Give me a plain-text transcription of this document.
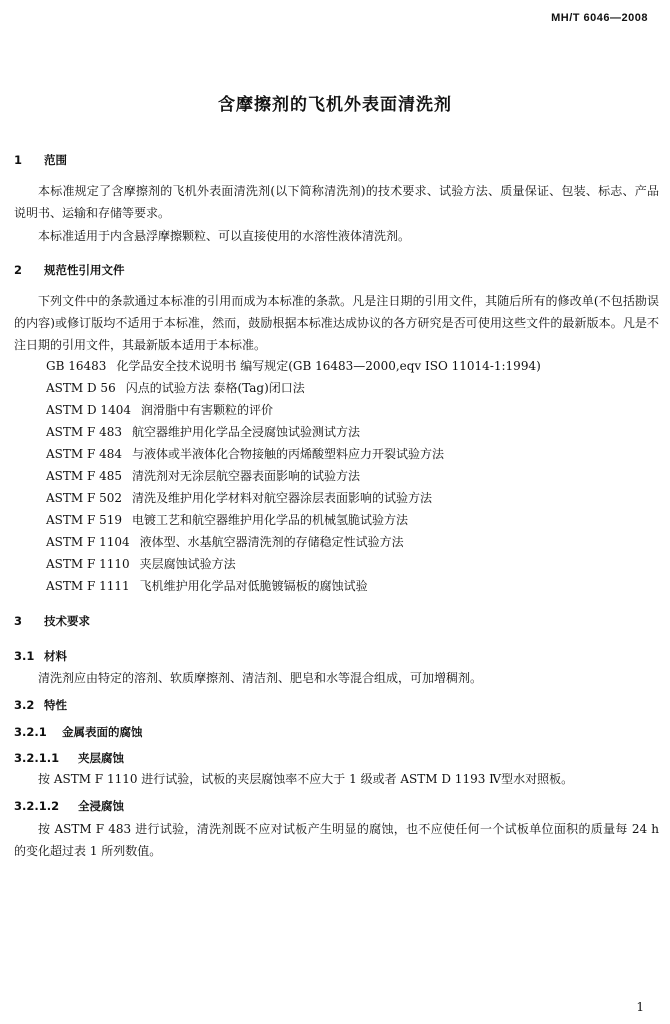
MH/T 6046—2008
含摩擦剂的飞机外表面清洗剂
1 范围
本标准规定了含摩擦剂的飞机外表面清洗剂(以下简称清洗剂)的技术要求、试验方法、质量保证、包装、标志、产品说明书、运输和存储等要求。
本标准适用于内含悬浮摩擦颗粒、可以直接使用的水溶性液体清洗剂。
2 规范性引用文件
下列文件中的条款通过本标准的引用而成为本标准的条款。凡是注日期的引用文件，其随后所有的修改单(不包括勘误的内容)或修订版均不适用于本标准，然而，鼓励根据本标准达成协议的各方研究是否可使用这些文件的最新版本。凡是不注日期的引用文件，其最新版本适用于本标准。
GB 16483 化学品安全技术说明书 编写规定(GB 16483—2000,eqv ISO 11014-1:1994)
ASTM D 56 闪点的试验方法 泰格(Tag)闭口法
ASTM D 1404 润滑脂中有害颗粒的评价
ASTM F 483 航空器维护用化学品全浸腐蚀试验测试方法
ASTM F 484 与液体或半液体化合物接触的丙烯酸塑料应力开裂试验方法
ASTM F 485 清洗剂对无涂层航空器表面影响的试验方法
ASTM F 502 清洗及维护用化学材料对航空器涂层表面影响的试验方法
ASTM F 519 电镀工艺和航空器维护用化学品的机械氢脆试验方法
ASTM F 1104 液体型、水基航空器清洗剂的存储稳定性试验方法
ASTM F 1110 夹层腐蚀试验方法
ASTM F 1111 飞机维护用化学品对低脆镀镉板的腐蚀试验
3 技术要求
3.1 材料
清洗剂应由特定的溶剂、软质摩擦剂、清洁剂、肥皂和水等混合组成，可加增稠剂。
3.2 特性
3.2.1 金属表面的腐蚀
3.2.1.1 夹层腐蚀
按 ASTM F 1110 进行试验，试板的夹层腐蚀率不应大于 1 级或者 ASTM D 1193 Ⅳ型水对照板。
3.2.1.2 全浸腐蚀
按 ASTM F 483 进行试验，清洗剂既不应对试板产生明显的腐蚀，也不应使任何一个试板单位面积的质量每 24 h 的变化超过表 1 所列数值。
1
